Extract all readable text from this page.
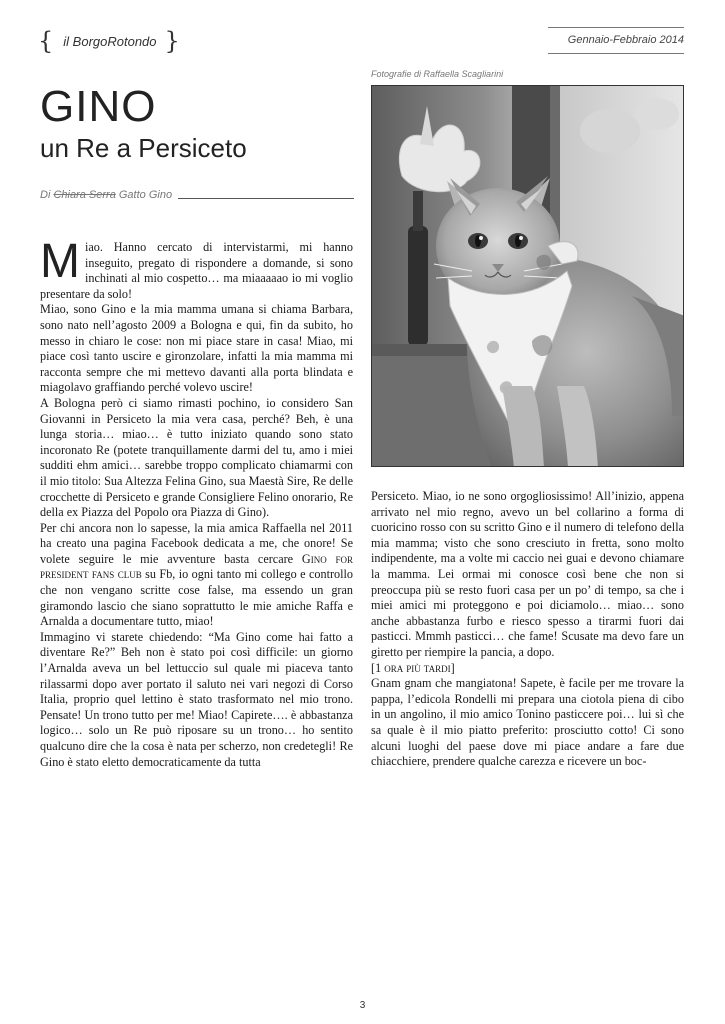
{ il BorgoRotondo }	Gennaio-Febbraio 2014
GINO
un Re a Persiceto
Di
Chiara Serra
Gatto Gino

Miao. Hanno cercato di intervistarmi, mi hanno inseguito, pregato di rispondere a domande, si sono inchinati al mio cospetto… ma miaaaaao io mi voglio presentare da solo!

Miao, sono Gino e la mia mamma umana si chiama Barbara, sono nato nell’agosto 2009 a Bologna e qui, fin da subito, ho messo in chiaro le cose: non mi piace stare in casa! Miao, mi piace così tanto uscire e gironzolare, infatti la mia mamma mi racconta sempre che mi mettevo davanti alla porta blindata e miagolavo graffiando perché volevo uscire!

A Bologna però ci siamo rimasti pochino, io considero San Giovanni in Persiceto la mia vera casa, perché? Beh, è una lunga storia… miao… è tutto iniziato quando sono stato incoronato Re (potete tranquillamente darmi del tu, amo i miei sudditi ehm amici… sarebbe troppo complicato chiamarmi con il mio titolo: Sua Altezza Felina Gino, sua Maestà Sire, Re delle crocchette di Persiceto e grande Consigliere Felino onorario, Re della ex Piazza del Popolo ora Piazza di Gino).

Per chi ancora non lo sapesse, la mia amica Raffaella nel 2011 ha creato una pagina Facebook dedicata a me, che onore! Se volete seguire le mie avventure basta cercare Gino for president fans club su Fb, io ogni tanto mi collego e controllo che non vengano scritte cose false, ma essendo un gran giramondo lascio che siano soprattutto le mie amiche Raffa e Arnalda a documentare tutto, miao!

Immagino vi starete chiedendo: “Ma Gino come hai fatto a diventare Re?” Beh non è stato poi così difficile: un giorno l’Arnalda aveva un bel lettuccio sul quale mi piaceva tanto rilassarmi dopo aver portato il saluto nei vari negozi di Corso Italia, proprio quel lettino è stato trasformato nel mio trono. Pensate! Un trono tutto per me! Miao! Capirete…. è abbastanza logico… solo un Re può riposare su un trono… ho sentito qualcuno dire che la cosa è nata per scherzo, non credetegli! Re Gino è stato eletto democraticamente da tutta

Fotografie di Raffaella Scagliarini

Persiceto. Miao, io ne sono orgogliosissimo! All’inizio, appena arrivato nel mio regno, avevo un bel collarino a forma di cuoricino rosso con su scritto Gino e il numero di telefono della mia mamma; visto che sono cresciuto in fretta, sono molto indipendente, ma a volte mi caccio nei guai e devono chiamare la mamma. Lei ormai mi conosce così bene che non si preoccupa più se resto fuori casa per un po’ di tempo, sa che i miei amici mi proteggono e poi diciamolo… miao… sono anche abbastanza furbo e riesco spesso a tirarmi fuori dai pasticci. Mmmh pasticci… che fame! Scusate ma devo fare un giretto per riempire la pancia, a dopo.

[1 ora più tardi]

Gnam gnam che mangiatona! Sapete, è facile per me trovare la pappa, l’edicola Rondelli mi prepara una ciotola piena di cibo in un angolino, il mio amico Tonino pasticcere poi… lui sì che sa quale è il mio piatto preferito: prosciutto cotto! Ci sono alcuni luoghi del paese dove mi piace andare a fare due chiacchiere, prendere qualche carezza e ricevere un boc-

3
